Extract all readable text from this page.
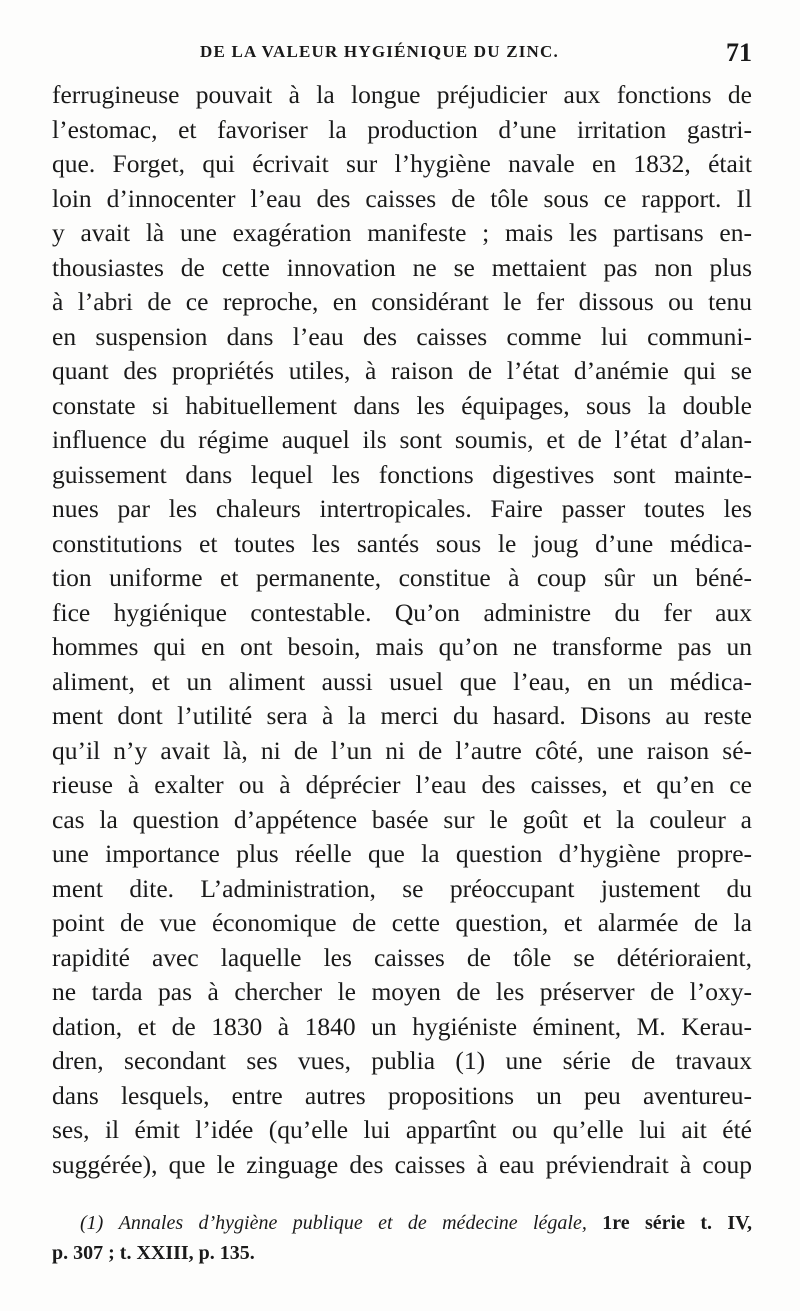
DE LA VALEUR HYGIÉNIQUE DU ZINC.	71
ferrugineuse pouvait à la longue préjudicier aux fonctions de
l’estomac, et favoriser la production d’une irritation gastri-
que. Forget, qui écrivait sur l’hygiène navale en 1832, était
loin d’innocenter l’eau des caisses de tôle sous ce rapport. Il
y avait là une exagération manifeste ; mais les partisans en-
thousiastes de cette innovation ne se mettaient pas non plus
à l’abri de ce reproche, en considérant le fer dissous ou tenu
en suspension dans l’eau des caisses comme lui communi-
quant des propriétés utiles, à raison de l’état d’anémie qui se
constate si habituellement dans les équipages, sous la double
influence du régime auquel ils sont soumis, et de l’état d’alan-
guissement dans lequel les fonctions digestives sont mainte-
nues par les chaleurs intertropicales. Faire passer toutes les
constitutions et toutes les santés sous le joug d’une médica-
tion uniforme et permanente, constitue à coup sûr un béné-
fice hygiénique contestable. Qu’on administre du fer aux
hommes qui en ont besoin, mais qu’on ne transforme pas un
aliment, et un aliment aussi usuel que l’eau, en un médica-
ment dont l’utilité sera à la merci du hasard. Disons au reste
qu’il n’y avait là, ni de l’un ni de l’autre côté, une raison sé-
rieuse à exalter ou à déprécier l’eau des caisses, et qu’en ce
cas la question d’appétence basée sur le goût et la couleur a
une importance plus réelle que la question d’hygiène propre-
ment dite. L’administration, se préoccupant justement du
point de vue économique de cette question, et alarmée de la
rapidité avec laquelle les caisses de tôle se détérioraient,
ne tarda pas à chercher le moyen de les préserver de l’oxy-
dation, et de 1830 à 1840 un hygiéniste éminent, M. Kerau-
dren, secondant ses vues, publia (1) une série de travaux
dans lesquels, entre autres propositions un peu aventureu-
ses, il émit l’idée (qu’elle lui appartînt ou qu’elle lui ait été
suggérée), que le zinguage des caisses à eau préviendrait à coup
(1) Annales d’hygiène publique et de médecine légale, 1re série t. IV,
p. 307 ; t. XXIII, p. 135.
